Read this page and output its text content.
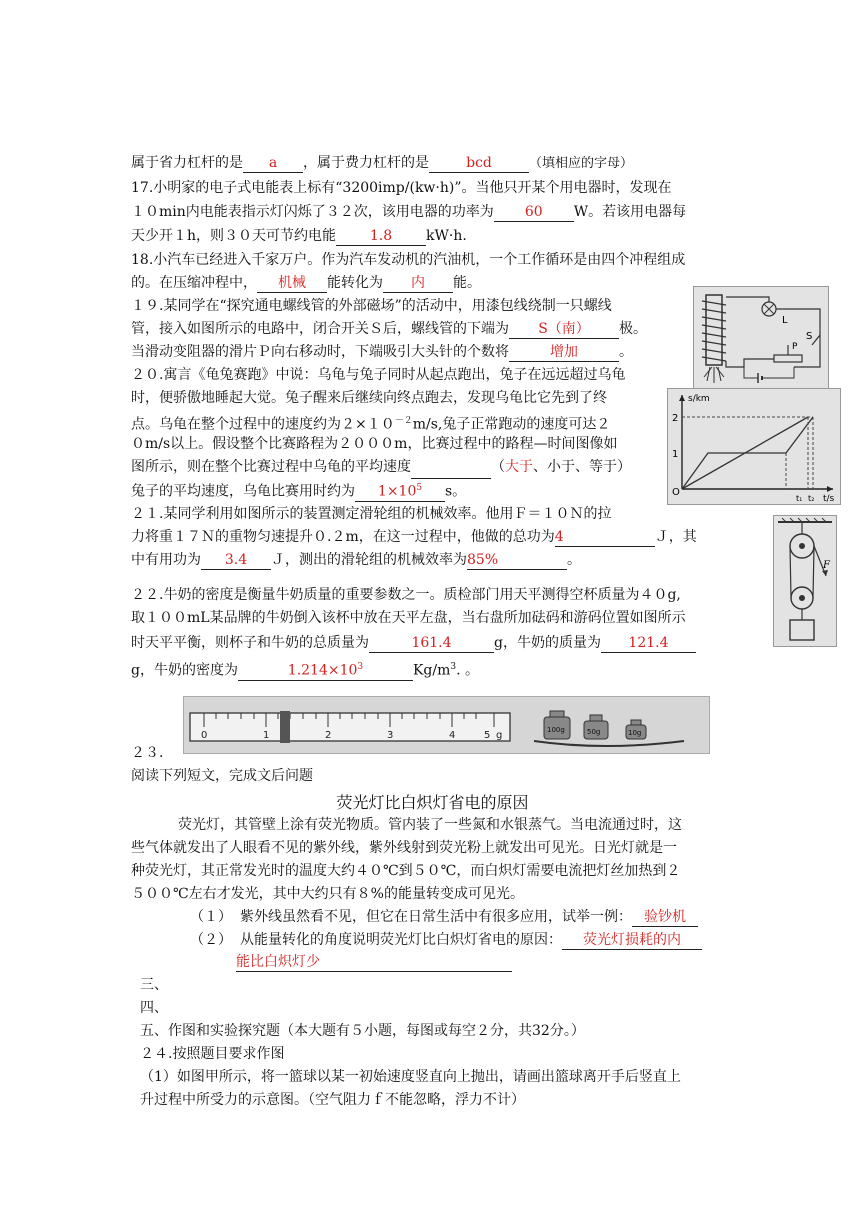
属于省力杠杆的是 a ，属于费力杠杆的是	bcd	（填相应的字母）
17.小明家的电子式电能表上标有“3200imp/(kw·h)”。当他只开某个用电器时，发现在
１０min内电能表指示灯闪烁了３２次，该用电器的功率为 60 W。若该用电器每
天少开１h，则３０天可节约电能 1.8 kW·h.
18.小汽车已经进入千家万户。作为汽车发动机的汽油机，一个工作循环是由四个冲程组成
的。在压缩冲程中， 机械 能转化为 内 能。
１９.某同学在“探究通电螺线管的外部磁场”的活动中，用漆包线绕制一只螺线
管，接入如图所示的电路中，闭合开关Ｓ后，螺线管的下端为 S（南） 极。
当滑动变阻器的滑片Ｐ向右移动时，下端吸引大头针的个数将	增加	。
L
S
P
２０.寓言《龟兔赛跑》中说：乌龟与兔子同时从起点跑出，兔子在远远超过乌龟
时，便骄傲地睡起大觉。兔子醒来后继续向终点跑去，发现乌龟比它先到了终
点。乌龟在整个过程中的速度约为$2\times 10^{-2}m/s$,兔子正常跑动的速度可达２
０m/s以上。假设整个比赛路程为２０００m，比赛过程中的路程—时间图像如
图所示，则在整个比赛过程中乌龟的平均速度	（大于、小于、等于）
兔子的平均速度，乌龟比赛用时约为 $1\times 10^5$ s。
s/km
t/s
2
1
O
t₁ t₂
２１.某同学利用如图所示的装置测定滑轮组的机械效率。他用Ｆ＝１０Ｎ的拉
力将重１７Ｎ的重物匀速提升０.２m，在这一过程中，他做的总功为4	Ｊ，其
中有用功为 3.4 Ｊ，测出的滑轮组的机械效率为85%	。	F
２２.牛奶的密度是衡量牛奶质量的重要参数之一。质检部门用天平测得空杯质量为４０g,
取１００mL某品牌的牛奶倒入该杯中放在天平左盘，当右盘所加砝码和游码位置如图所示
时天平平衡，则杯子和牛奶的总质量为	161.4	g，牛奶的质量为 121.4
g，牛奶的密度为	$1.214\times 10^3$	$Kg/m^3$. 。
0	1	2	3	4	5 g	100g	50g	10g
２３.
阅读下列短文，完成文后问题
荧光灯比白炽灯省电的原因
荧光灯，其管壁上涂有荧光物质。管内装了一些氮和水银蒸气。当电流通过时，这
些气体就发出了人眼看不见的紫外线，紫外线射到荧光粉上就发出可见光。日光灯就是一
种荧光灯，其正常发光时的温度大约４０℃到５０℃，而白炽灯需要电流把灯丝加热到２
５００℃左右才发光，其中大约只有８%的能量转变成可见光。
（１） 紫外线虽然看不见，但它在日常生活中有很多应用，试举一例： 验钞机
（２） 从能量转化的角度说明荧光灯比白炽灯省电的原因： 荧光灯损耗的内
能比白炽灯少
三、
四、
五、作图和实验探究题（本大题有５小题，每图或每空２分，共32分。）
２４.按照题目要求作图
（1）如图甲所示，将一篮球以某一初始速度竖直向上抛出，请画出篮球离开手后竖直上
升过程中所受力的示意图。（空气阻力ｆ不能忽略，浮力不计）
